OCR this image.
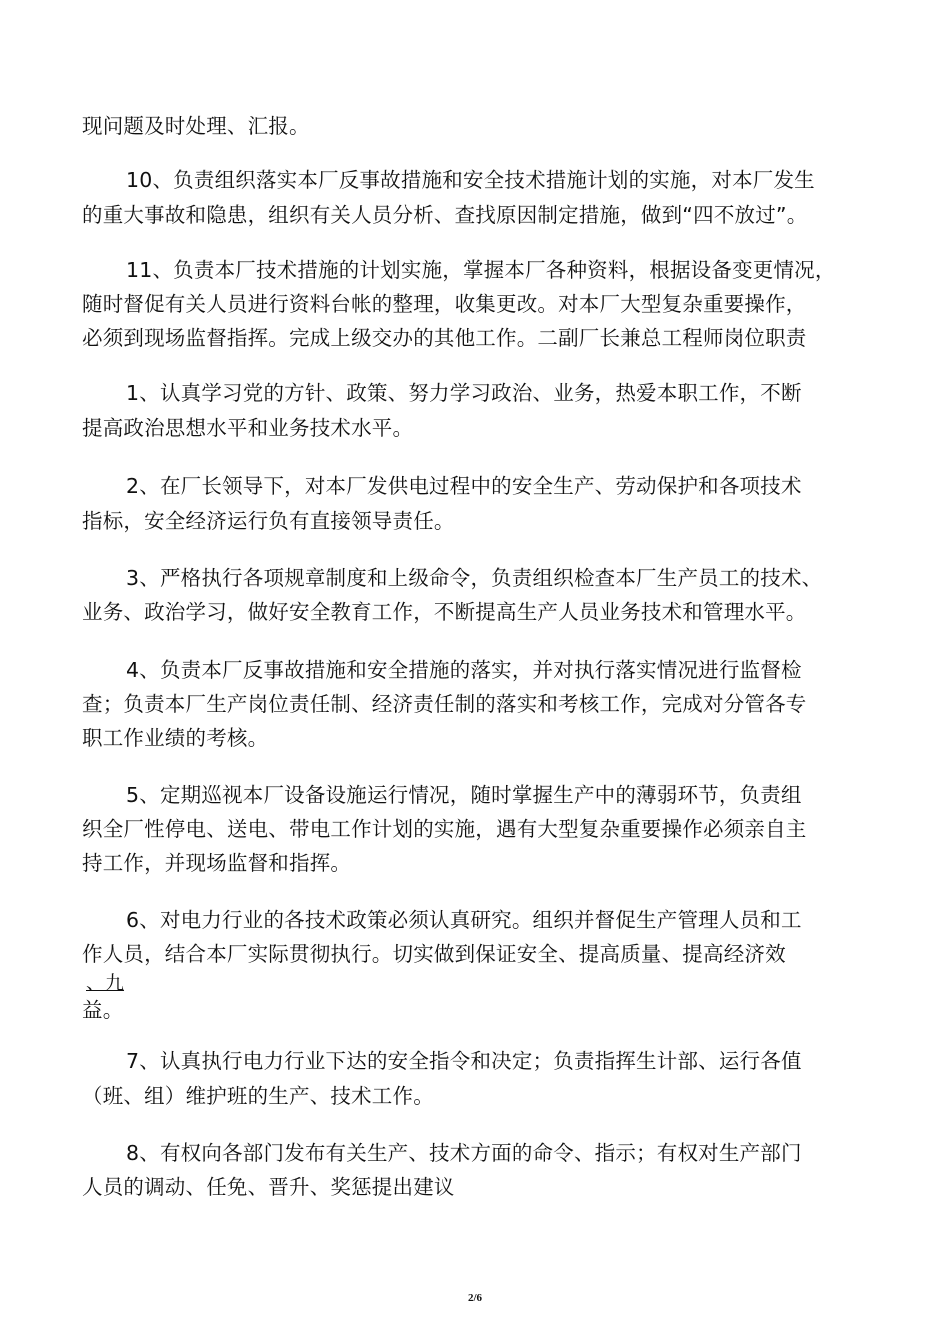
现问题及时处理、汇报。
10、负责组织落实本厂反事故措施和安全技术措施计划的实施，对本厂发生
的重大事故和隐患，组织有关人员分析、查找原因制定措施，做到“四不放过”。
11、负责本厂技术措施的计划实施，掌握本厂各种资料，根据设备变更情况，
随时督促有关人员进行资料台帐的整理，收集更改。对本厂大型复杂重要操作，
必须到现场监督指挥。完成上级交办的其他工作。二副厂长兼总工程师岗位职责
1、认真学习党的方针、政策、努力学习政治、业务，热爱本职工作，不断
提高政治思想水平和业务技术水平。
2、在厂长领导下，对本厂发供电过程中的安全生产、劳动保护和各项技术
指标，安全经济运行负有直接领导责任。
3、严格执行各项规章制度和上级命令，负责组织检查本厂生产员工的技术、
业务、政治学习，做好安全教育工作，不断提高生产人员业务技术和管理水平。
4、负责本厂反事故措施和安全措施的落实，并对执行落实情况进行监督检
查；负责本厂生产岗位责任制、经济责任制的落实和考核工作，完成对分管各专
职工作业绩的考核。
5、定期巡视本厂设备设施运行情况，随时掌握生产中的薄弱环节，负责组
织全厂性停电、送电、带电工作计划的实施，遇有大型复杂重要操作必须亲自主
持工作，并现场监督和指挥。
6、对电力行业的各技术政策必须认真研究。组织并督促生产管理人员和工
作人员，结合本厂实际贯彻执行。切实做到保证安全、提高质量、提高经济效
、九
益。
7、认真执行电力行业下达的安全指令和决定；负责指挥生计部、运行各值
（班、组）维护班的生产、技术工作。
8、有权向各部门发布有关生产、技术方面的命令、指示；有权对生产部门
人员的调动、任免、晋升、奖惩提出建议
2/6
